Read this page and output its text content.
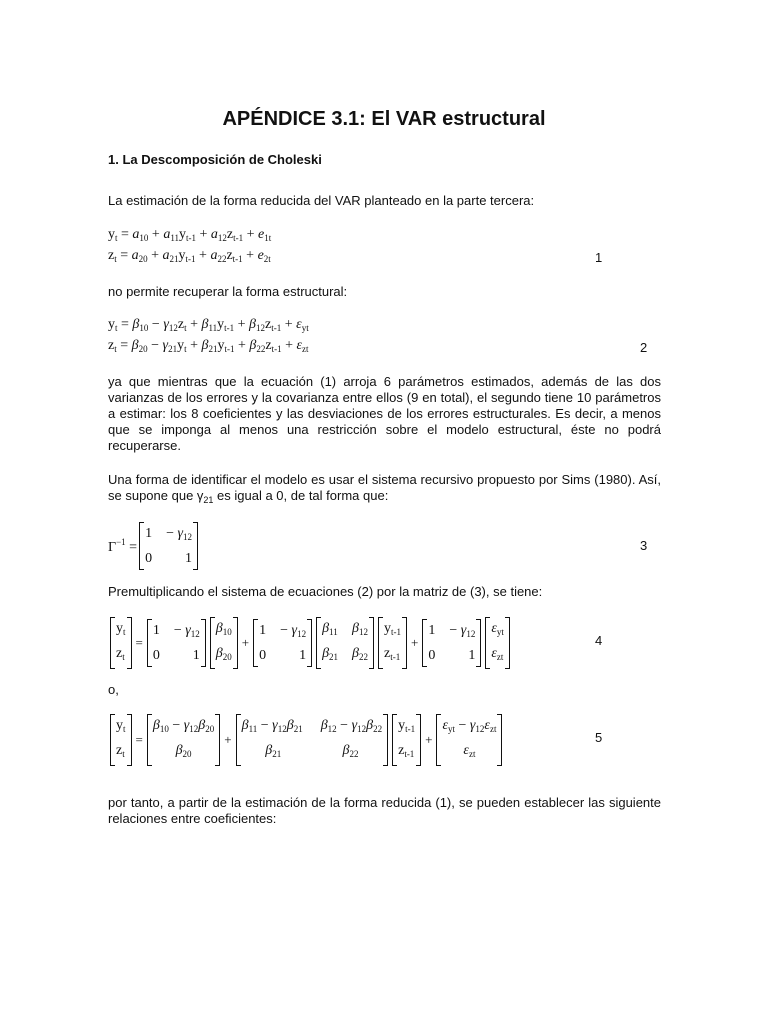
APÉNDICE 3.1: El VAR estructural
1. La Descomposición de Choleski
La estimación de la forma reducida del VAR planteado en la parte tercera:
$y_t = a_{10} + a_{11}y_{t-1} + a_{12}z_{t-1} + e_{1t}$
$z_t = a_{20} + a_{21}y_{t-1} + a_{22}z_{t-1} + e_{2t}$	1
no permite recuperar la forma estructural:
$y_t = \beta_{10} - \gamma_{12}z_t + \beta_{11}y_{t-1} + \beta_{12}z_{t-1} + \varepsilon_{yt}$
$z_t = \beta_{20} - \gamma_{21}y_t + \beta_{21}y_{t-1} + \beta_{22}z_{t-1} + \varepsilon_{zt}$	2
ya que mientras que la ecuación (1) arroja 6 parámetros estimados, además de las dos varianzas de los errores y la covarianza entre ellos (9 en total), el segundo tiene 10 parámetros a estimar: los 8 coeficientes y las desviaciones de los errores estructurales. Es decir, a menos que se imponga al menos una restricción sobre el modelo estructural, éste no podrá recuperarse.
Una forma de identificar el modelo es usar el sistema recursivo propuesto por Sims (1980). Así, se supone que $\gamma_{21}$ es igual a 0, de tal forma que:
$\Gamma^{-1}$ =
$1 - \gamma_{12}$
0 1
3
Premultiplicando el sistema de ecuaciones (2) por la matriz de (3), se tiene:
$y_t$
$z_t$
=
$1 - \gamma_{12}$
0 1
$\beta_{10}$
$\beta_{20}$
+
$1 - \gamma_{12}$
0 1
$\beta_{11}$ $\beta_{12}$
$\beta_{21}$ $\beta_{22}$
$y_{t-1}$
$z_{t-1}$
+
$1 - \gamma_{12}$
0 1
$\varepsilon_{yt}$
$\varepsilon_{zt}$
4
o,
$y_t$
$z_t$
=
$\beta_{10} - \gamma_{12}\beta_{20}$
$\beta_{20}$
+
$\beta_{11} - \gamma_{12}\beta_{21}$ $\beta_{12} - \gamma_{12}\beta_{22}$
$\beta_{21}$	$\beta_{22}$
$y_{t-1}$
$z_{t-1}$
+
$\varepsilon_{yt} - \gamma_{12}\varepsilon_{zt}$
$\varepsilon_{zt}$
5
por tanto, a partir de la estimación de la forma reducida (1), se pueden establecer las siguiente relaciones entre coeficientes:
